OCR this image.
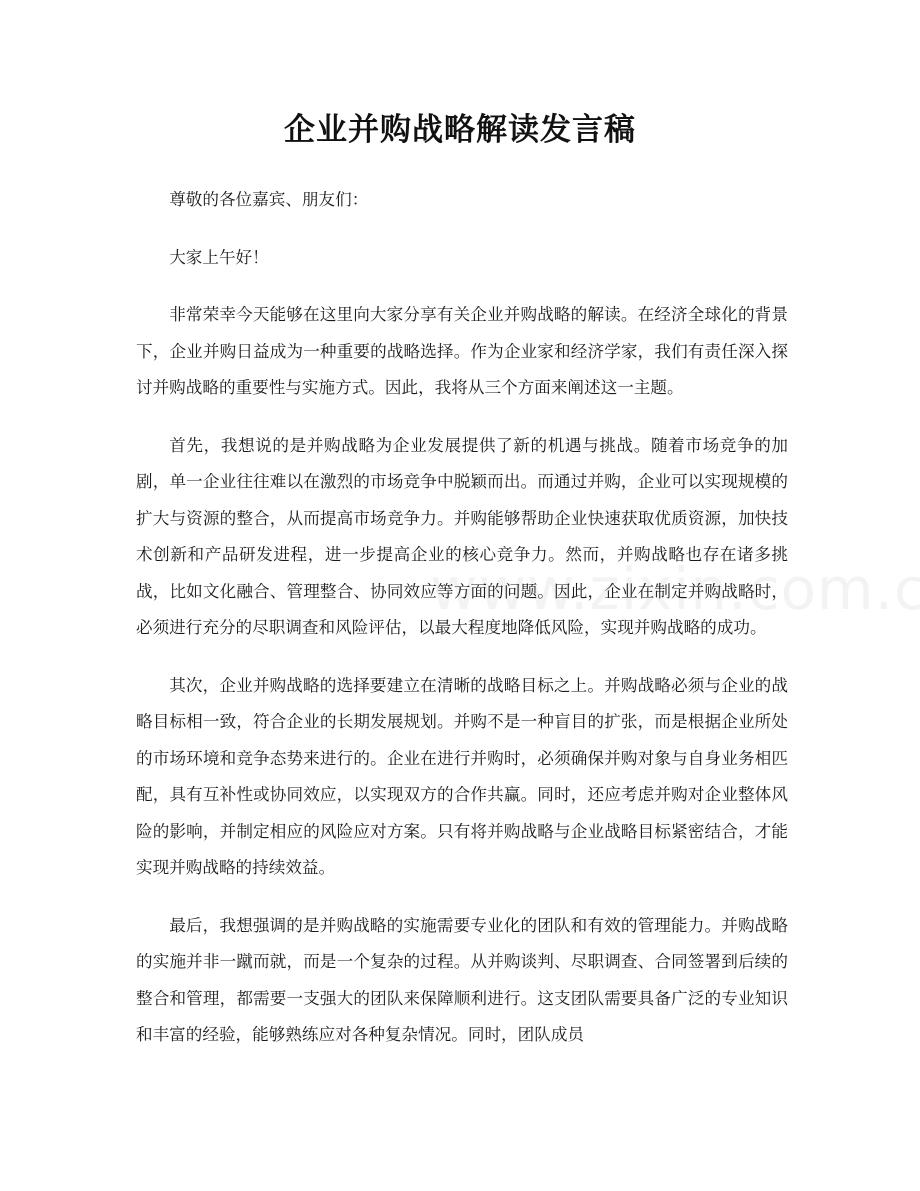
企业并购战略解读发言稿

尊敬的各位嘉宾、朋友们：

大家上午好！

非常荣幸今天能够在这里向大家分享有关企业并购战略的解读。在经济全球化的背景下，企业并购日益成为一种重要的战略选择。作为企业家和经济学家，我们有责任深入探讨并购战略的重要性与实施方式。因此，我将从三个方面来阐述这一主题。

首先，我想说的是并购战略为企业发展提供了新的机遇与挑战。随着市场竞争的加剧，单一企业往往难以在激烈的市场竞争中脱颖而出。而通过并购，企业可以实现规模的扩大与资源的整合，从而提高市场竞争力。并购能够帮助企业快速获取优质资源，加快技术创新和产品研发进程，进一步提高企业的核心竞争力。然而，并购战略也存在诸多挑战，比如文化融合、管理整合、协同效应等方面的问题。因此，企业在制定并购战略时，必须进行充分的尽职调查和风险评估，以最大程度地降低风险，实现并购战略的成功。

其次，企业并购战略的选择要建立在清晰的战略目标之上。并购战略必须与企业的战略目标相一致，符合企业的长期发展规划。并购不是一种盲目的扩张，而是根据企业所处的市场环境和竞争态势来进行的。企业在进行并购时，必须确保并购对象与自身业务相匹配，具有互补性或协同效应，以实现双方的合作共赢。同时，还应考虑并购对企业整体风险的影响，并制定相应的风险应对方案。只有将并购战略与企业战略目标紧密结合，才能实现并购战略的持续效益。

最后，我想强调的是并购战略的实施需要专业化的团队和有效的管理能力。并购战略的实施并非一蹴而就，而是一个复杂的过程。从并购谈判、尽职调查、合同签署到后续的整合和管理，都需要一支强大的团队来保障顺利进行。这支团队需要具备广泛的专业知识和丰富的经验，能够熟练应对各种复杂情况。同时，团队成员
